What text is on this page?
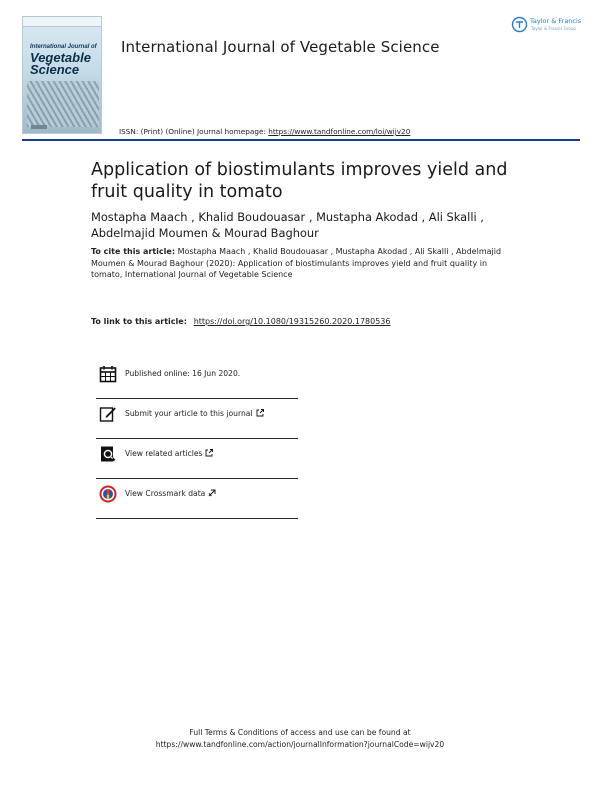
International Journal of
Vegetable
Science
International Journal of Vegetable Science
ISSN: (Print) (Online) Journal homepage: https://www.tandfonline.com/loi/wijv20
Taylor & Francis
Taylor & Francis Group
Application of biostimulants improves yield and fruit quality in tomato
Mostapha Maach , Khalid Boudouasar , Mustapha Akodad , Ali Skalli , Abdelmajid Moumen & Mourad Baghour
To cite this article: Mostapha Maach , Khalid Boudouasar , Mustapha Akodad , Ali Skalli , Abdelmajid Moumen & Mourad Baghour (2020): Application of biostimulants improves yield and fruit quality in tomato, International Journal of Vegetable Science
To link to this article: https://doi.org/10.1080/19315260.2020.1780536
Published online: 16 Jun 2020.
Submit your article to this journal
View related articles
View Crossmark data
Full Terms & Conditions of access and use can be found at
https://www.tandfonline.com/action/journalInformation?journalCode=wijv20
